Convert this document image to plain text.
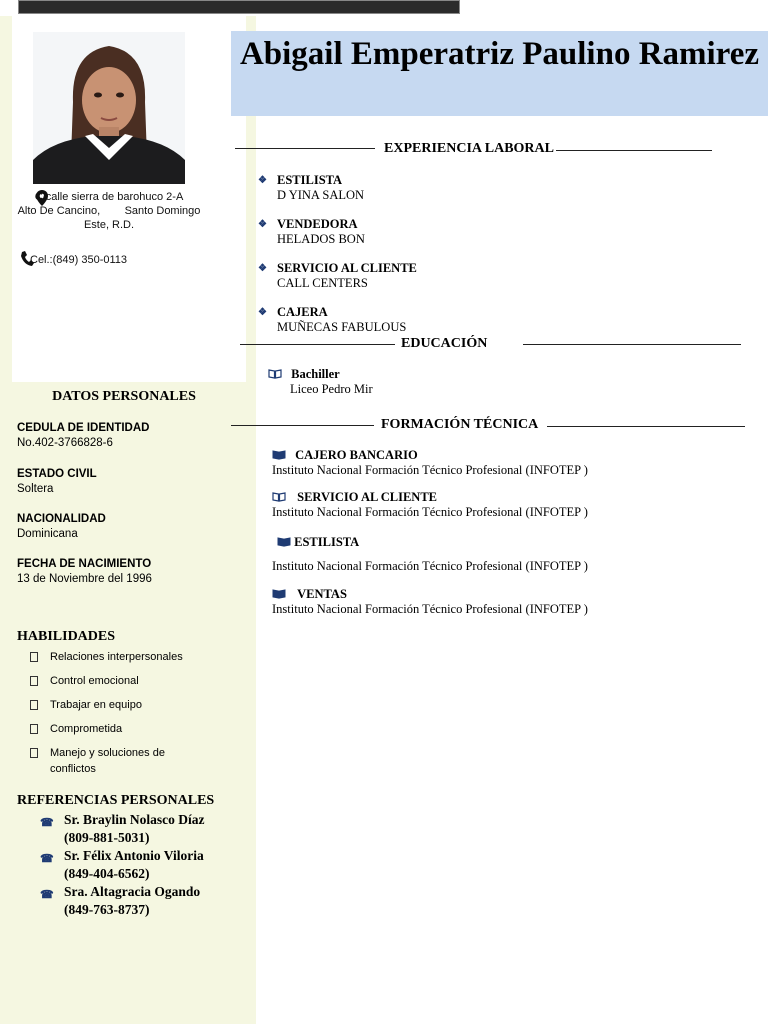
C/calle sierra de barohuco 2-A
Alto De Cancino,        Santo Domingo
Este, R.D.
Cel.:(849) 350-0113
DATOS PERSONALES
CEDULA DE IDENTIDAD
No.402-3766828-6
ESTADO CIVIL
Soltera
NACIONALIDAD
Dominicana
FECHA DE NACIMIENTO
13 de Noviembre del 1996
HABILIDADES
Relaciones interpersonales
Control emocional
Trabajar en equipo
Comprometida
Manejo y soluciones de conflictos
REFERENCIAS PERSONALES
☎ Sr. Braylin Nolasco Díaz
(809-881-5031)
☎ Sr. Félix Antonio Viloria
(849-404-6562)
☎ Sra. Altagracia Ogando
(849-763-8737)
Abigail Emperatriz Paulino Ramirez
EXPERIENCIA LABORAL
❖ ESTILISTA
D YINA SALON
❖ VENDEDORA
HELADOS BON
❖ SERVICIO AL CLIENTE
CALL CENTERS
❖ CAJERA
MUÑECAS FABULOUS
EDUCACIÓN
Bachiller
Liceo Pedro Mir
FORMACIÓN TÉCNICA
CAJERO BANCARIO
Instituto Nacional Formación Técnico Profesional (INFOTEP )
SERVICIO AL CLIENTE
Instituto Nacional Formación Técnico Profesional (INFOTEP )
ESTILISTA
Instituto Nacional Formación Técnico Profesional (INFOTEP )
VENTAS
Instituto Nacional Formación Técnico Profesional (INFOTEP )
